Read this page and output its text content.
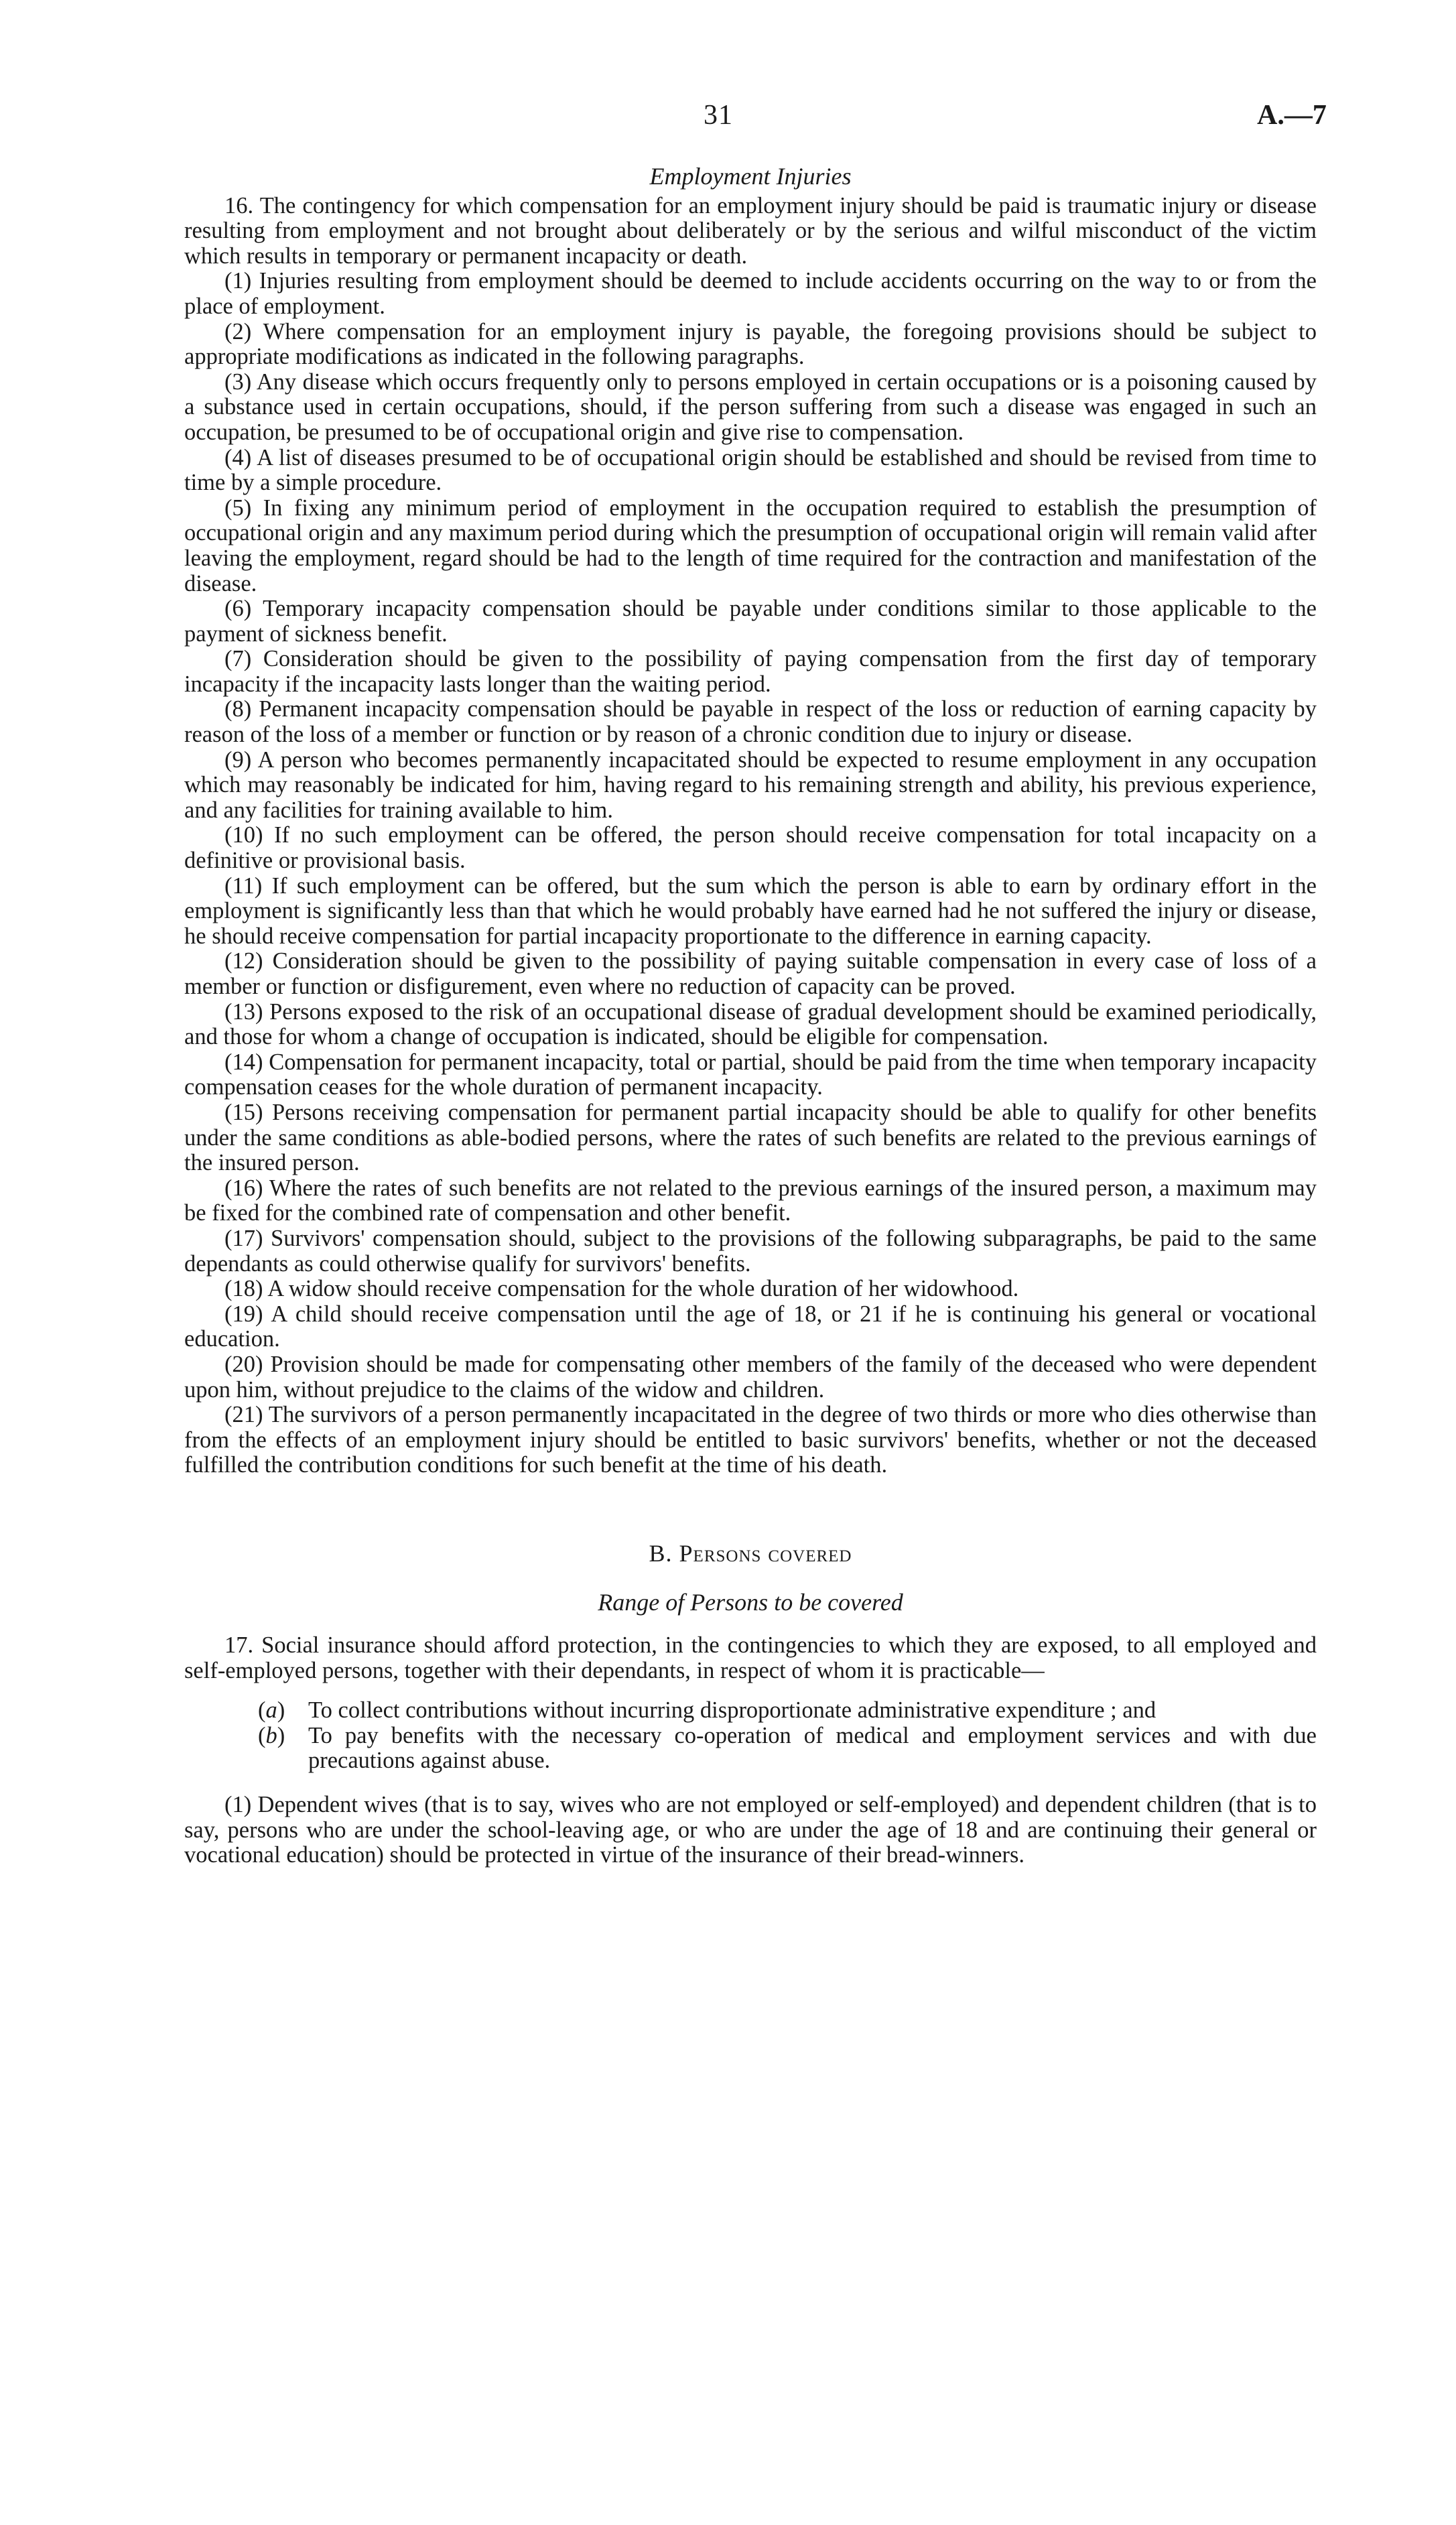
31	A.—7

Employment Injuries

16. The contingency for which compensation for an employment injury should be paid is traumatic injury or disease resulting from employment and not brought about deliberately or by the serious and wilful misconduct of the victim which results in temporary or permanent incapacity or death.

(1) Injuries resulting from employment should be deemed to include accidents occurring on the way to or from the place of employment.

(2) Where compensation for an employment injury is payable, the foregoing provisions should be subject to appropriate modifications as indicated in the following paragraphs.

(3) Any disease which occurs frequently only to persons employed in certain occupations or is a poisoning caused by a substance used in certain occupations, should, if the person suffering from such a disease was engaged in such an occupation, be presumed to be of occupational origin and give rise to compensation.

(4) A list of diseases presumed to be of occupational origin should be established and should be revised from time to time by a simple procedure.

(5) In fixing any minimum period of employment in the occupation required to establish the presumption of occupational origin and any maximum period during which the presumption of occupational origin will remain valid after leaving the employment, regard should be had to the length of time required for the contraction and manifestation of the disease.

(6) Temporary incapacity compensation should be payable under conditions similar to those applicable to the payment of sickness benefit.

(7) Consideration should be given to the possibility of paying compensation from the first day of temporary incapacity if the incapacity lasts longer than the waiting period.

(8) Permanent incapacity compensation should be payable in respect of the loss or reduction of earning capacity by reason of the loss of a member or function or by reason of a chronic condition due to injury or disease.

(9) A person who becomes permanently incapacitated should be expected to resume employment in any occupation which may reasonably be indicated for him, having regard to his remaining strength and ability, his previous experience, and any facilities for training available to him.

(10) If no such employment can be offered, the person should receive compensation for total incapacity on a definitive or provisional basis.

(11) If such employment can be offered, but the sum which the person is able to earn by ordinary effort in the employment is significantly less than that which he would probably have earned had he not suffered the injury or disease, he should receive compensation for partial incapacity proportionate to the difference in earning capacity.

(12) Consideration should be given to the possibility of paying suitable compensation in every case of loss of a member or function or disfigurement, even where no reduction of capacity can be proved.

(13) Persons exposed to the risk of an occupational disease of gradual development should be examined periodically, and those for whom a change of occupation is indicated, should be eligible for compensation.

(14) Compensation for permanent incapacity, total or partial, should be paid from the time when temporary incapacity compensation ceases for the whole duration of permanent incapacity.

(15) Persons receiving compensation for permanent partial incapacity should be able to qualify for other benefits under the same conditions as able-bodied persons, where the rates of such benefits are related to the previous earnings of the insured person.

(16) Where the rates of such benefits are not related to the previous earnings of the insured person, a maximum may be fixed for the combined rate of compensation and other benefit.

(17) Survivors' compensation should, subject to the provisions of the following subparagraphs, be paid to the same dependants as could otherwise qualify for survivors' benefits.

(18) A widow should receive compensation for the whole duration of her widowhood.

(19) A child should receive compensation until the age of 18, or 21 if he is continuing his general or vocational education.

(20) Provision should be made for compensating other members of the family of the deceased who were dependent upon him, without prejudice to the claims of the widow and children.

(21) The survivors of a person permanently incapacitated in the degree of two thirds or more who dies otherwise than from the effects of an employment injury should be entitled to basic survivors' benefits, whether or not the deceased fulfilled the contribution conditions for such benefit at the time of his death.

B. Persons covered

Range of Persons to be covered

17. Social insurance should afford protection, in the contingencies to which they are exposed, to all employed and self-employed persons, together with their dependants, in respect of whom it is practicable—

(a) To collect contributions without incurring disproportionate administrative expenditure ; and
(b) To pay benefits with the necessary co-operation of medical and employment services and with due precautions against abuse.

(1) Dependent wives (that is to say, wives who are not employed or self-employed) and dependent children (that is to say, persons who are under the school-leaving age, or who are under the age of 18 and are continuing their general or vocational education) should be protected in virtue of the insurance of their bread-winners.
